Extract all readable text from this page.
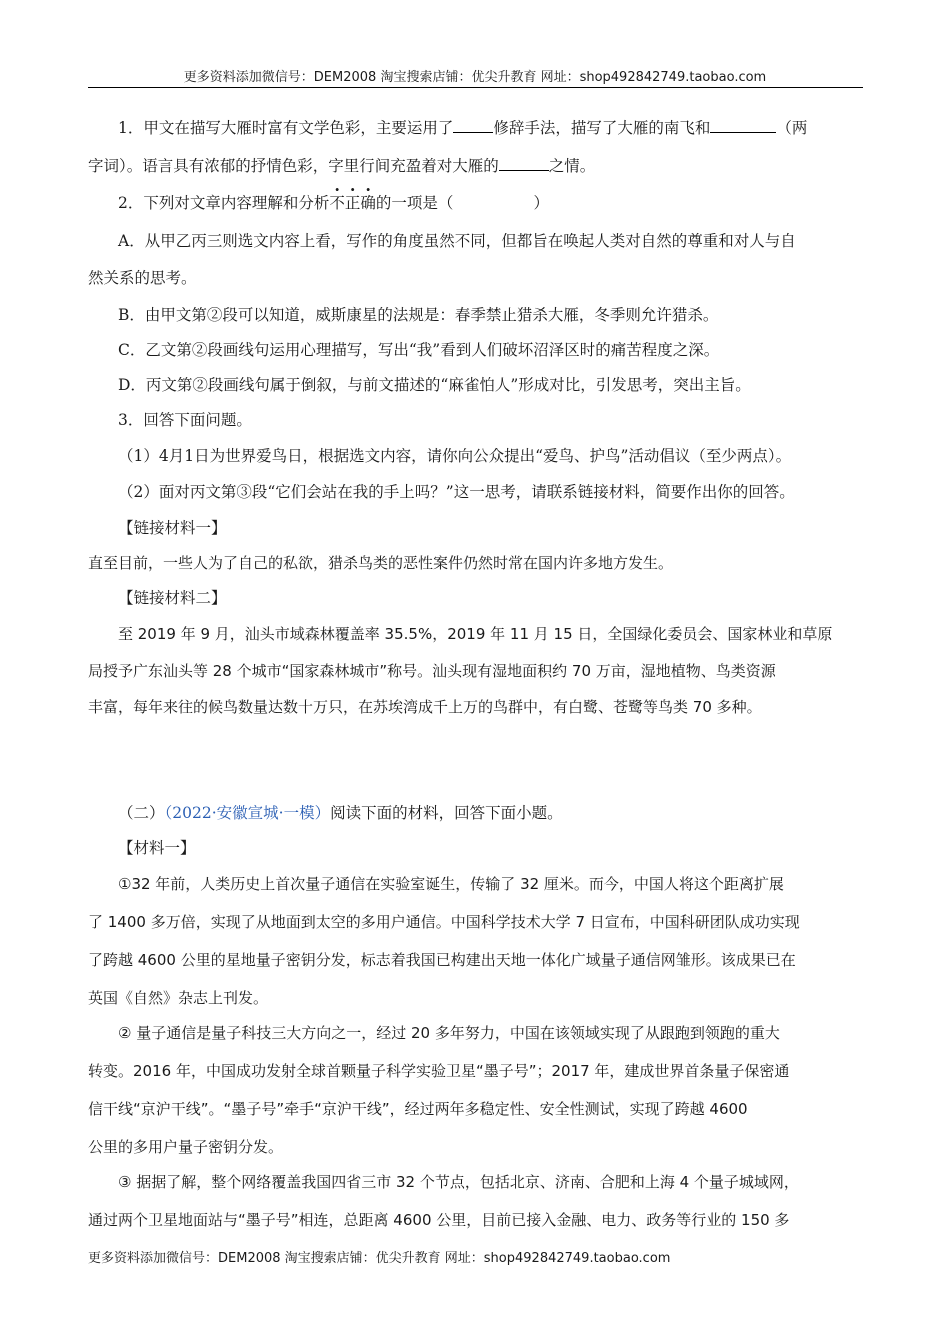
更多资料添加微信号：DEM2008 淘宝搜索店铺：优尖升教育 网址：shop492842749.taobao.com
1．甲文在描写大雁时富有文学色彩，主要运用了	修辞手法，描写了大雁的南飞和	（两
字词）。语言具有浓郁的抒情色彩，字里行间充盈着对大雁的	之情。
2．下列对文章内容理解和分析不正确的一项是（	）
A．从甲乙丙三则选文内容上看，写作的角度虽然不同，但都旨在唤起人类对自然的尊重和对人与自
然关系的思考。
B．由甲文第②段可以知道，威斯康星的法规是：春季禁止猎杀大雁，冬季则允许猎杀。
C．乙文第②段画线句运用心理描写，写出“我”看到人们破坏沼泽区时的痛苦程度之深。
D．丙文第②段画线句属于倒叙，与前文描述的“麻雀怕人”形成对比，引发思考，突出主旨。
3．回答下面问题。
（1）4月1日为世界爱鸟日，根据选文内容，请你向公众提出“爱鸟、护鸟”活动倡议（至少两点）。
（2）面对丙文第③段“它们会站在我的手上吗？”这一思考，请联系链接材料，简要作出你的回答。
【链接材料一】
直至目前，一些人为了自己的私欲，猎杀鸟类的恶性案件仍然时常在国内许多地方发生。
【链接材料二】
至 2019 年 9 月，汕头市域森林覆盖率 35.5%，2019 年 11 月 15 日，全国绿化委员会、国家林业和草原
局授予广东汕头等 28 个城市“国家森林城市”称号。汕头现有湿地面积约 70 万亩，湿地植物、鸟类资源
丰富，每年来往的候鸟数量达数十万只，在苏埃湾成千上万的鸟群中，有白鹭、苍鹭等鸟类 70 多种。
（二）（2022·安徽宣城·一模）阅读下面的材料，回答下面小题。
【材料一】
①32 年前，人类历史上首次量子通信在实验室诞生，传输了 32 厘米。而今，中国人将这个距离扩展
了 1400 多万倍，实现了从地面到太空的多用户通信。中国科学技术大学 7 日宣布，中国科研团队成功实现
了跨越 4600 公里的星地量子密钥分发，标志着我国已构建出天地一体化广域量子通信网雏形。该成果已在
英国《自然》杂志上刊发。
② 量子通信是量子科技三大方向之一，经过 20 多年努力，中国在该领域实现了从跟跑到领跑的重大
转变。2016 年，中国成功发射全球首颗量子科学实验卫星“墨子号”；2017 年，建成世界首条量子保密通
信干线“京沪干线”。“墨子号”牵手“京沪干线”，经过两年多稳定性、安全性测试，实现了跨越 4600
公里的多用户量子密钥分发。
③ 据据了解，整个网络覆盖我国四省三市 32 个节点，包括北京、济南、合肥和上海 4 个量子城域网，
通过两个卫星地面站与“墨子号”相连，总距离 4600 公里，目前已接入金融、电力、政务等行业的 150 多
更多资料添加微信号：DEM2008 淘宝搜索店铺：优尖升教育 网址：shop492842749.taobao.com
